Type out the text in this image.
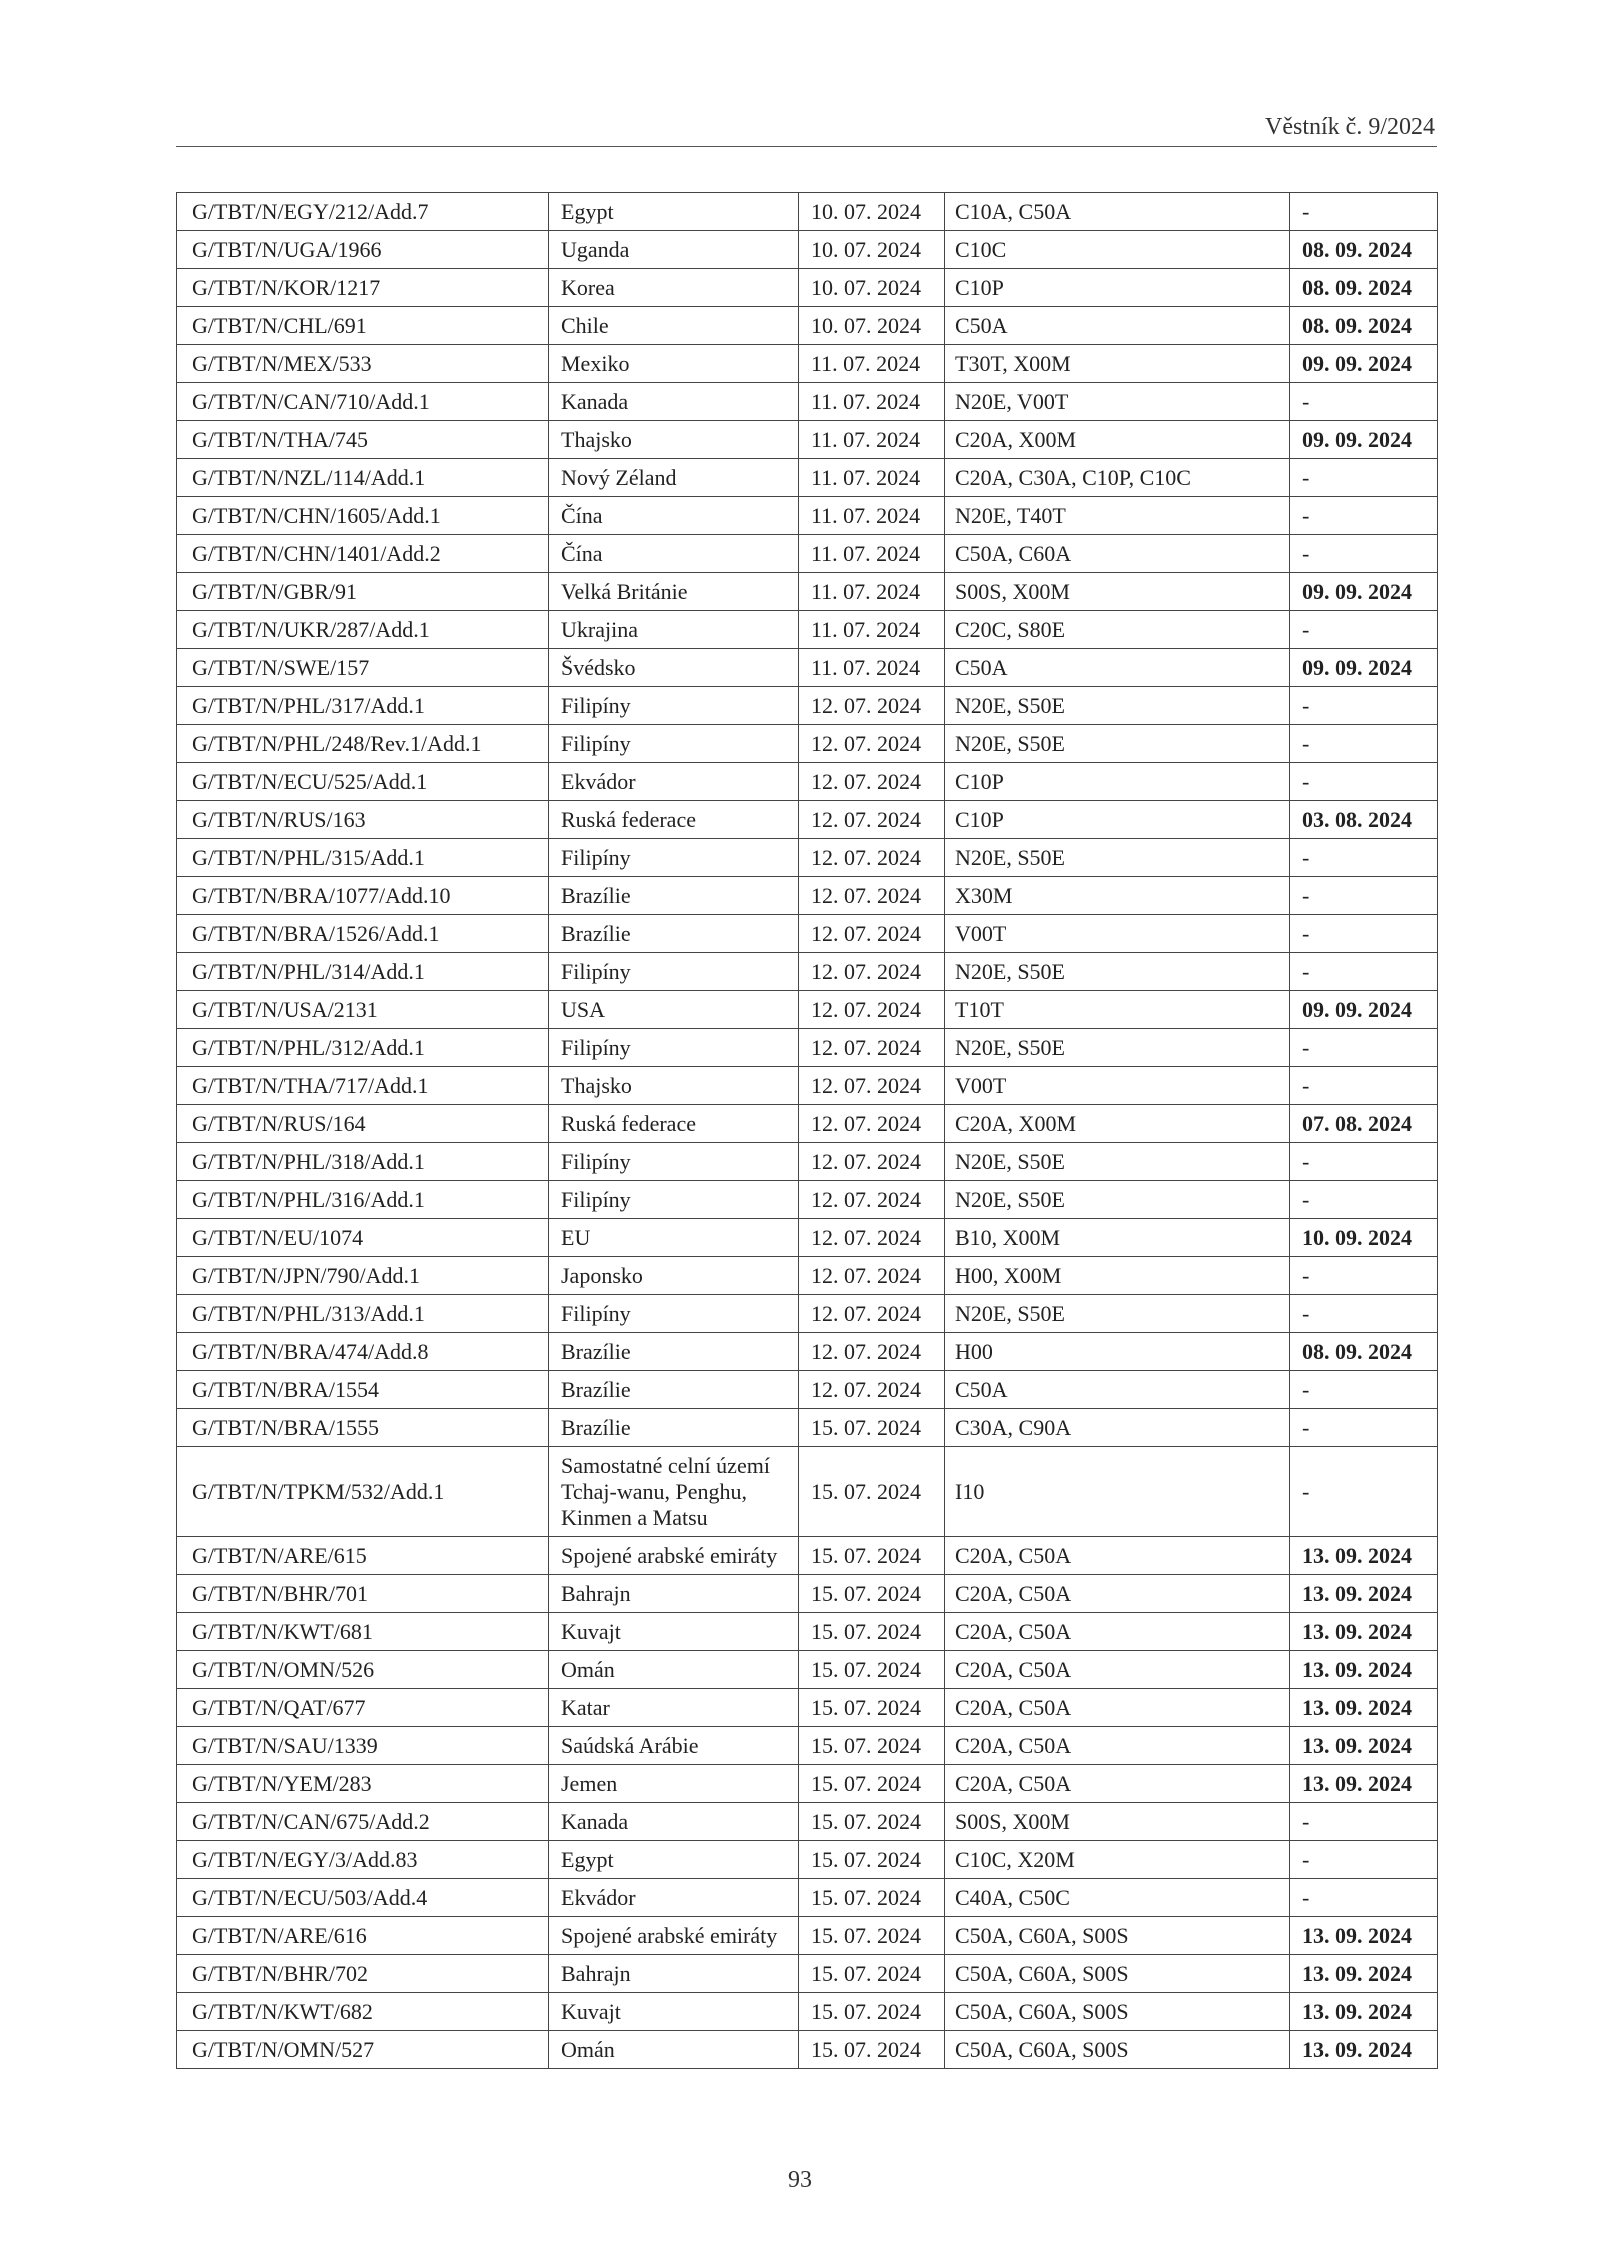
Věstník č. 9/2024
G/TBT/N/EGY/212/Add.7	Egypt	10. 07. 2024	C10A, C50A	-
G/TBT/N/UGA/1966	Uganda	10. 07. 2024	C10C	08. 09. 2024
G/TBT/N/KOR/1217	Korea	10. 07. 2024	C10P	08. 09. 2024
G/TBT/N/CHL/691	Chile	10. 07. 2024	C50A	08. 09. 2024
G/TBT/N/MEX/533	Mexiko	11. 07. 2024	T30T, X00M	09. 09. 2024
G/TBT/N/CAN/710/Add.1	Kanada	11. 07. 2024	N20E, V00T	-
G/TBT/N/THA/745	Thajsko	11. 07. 2024	C20A, X00M	09. 09. 2024
G/TBT/N/NZL/114/Add.1	Nový Zéland	11. 07. 2024	C20A, C30A, C10P, C10C	-
G/TBT/N/CHN/1605/Add.1	Čína	11. 07. 2024	N20E, T40T	-
G/TBT/N/CHN/1401/Add.2	Čína	11. 07. 2024	C50A, C60A	-
G/TBT/N/GBR/91	Velká Británie	11. 07. 2024	S00S, X00M	09. 09. 2024
G/TBT/N/UKR/287/Add.1	Ukrajina	11. 07. 2024	C20C, S80E	-
G/TBT/N/SWE/157	Švédsko	11. 07. 2024	C50A	09. 09. 2024
G/TBT/N/PHL/317/Add.1	Filipíny	12. 07. 2024	N20E, S50E	-
G/TBT/N/PHL/248/Rev.1/Add.1	Filipíny	12. 07. 2024	N20E, S50E	-
G/TBT/N/ECU/525/Add.1	Ekvádor	12. 07. 2024	C10P	-
G/TBT/N/RUS/163	Ruská federace	12. 07. 2024	C10P	03. 08. 2024
G/TBT/N/PHL/315/Add.1	Filipíny	12. 07. 2024	N20E, S50E	-
G/TBT/N/BRA/1077/Add.10	Brazílie	12. 07. 2024	X30M	-
G/TBT/N/BRA/1526/Add.1	Brazílie	12. 07. 2024	V00T	-
G/TBT/N/PHL/314/Add.1	Filipíny	12. 07. 2024	N20E, S50E	-
G/TBT/N/USA/2131	USA	12. 07. 2024	T10T	09. 09. 2024
G/TBT/N/PHL/312/Add.1	Filipíny	12. 07. 2024	N20E, S50E	-
G/TBT/N/THA/717/Add.1	Thajsko	12. 07. 2024	V00T	-
G/TBT/N/RUS/164	Ruská federace	12. 07. 2024	C20A, X00M	07. 08. 2024
G/TBT/N/PHL/318/Add.1	Filipíny	12. 07. 2024	N20E, S50E	-
G/TBT/N/PHL/316/Add.1	Filipíny	12. 07. 2024	N20E, S50E	-
G/TBT/N/EU/1074	EU	12. 07. 2024	B10, X00M	10. 09. 2024
G/TBT/N/JPN/790/Add.1	Japonsko	12. 07. 2024	H00, X00M	-
G/TBT/N/PHL/313/Add.1	Filipíny	12. 07. 2024	N20E, S50E	-
G/TBT/N/BRA/474/Add.8	Brazílie	12. 07. 2024	H00	08. 09. 2024
G/TBT/N/BRA/1554	Brazílie	12. 07. 2024	C50A	-
G/TBT/N/BRA/1555	Brazílie	15. 07. 2024	C30A, C90A	-
G/TBT/N/TPKM/532/Add.1	Samostatné celní území Tchaj-wanu, Penghu, Kinmen a Matsu	15. 07. 2024	I10	-
G/TBT/N/ARE/615	Spojené arabské emiráty	15. 07. 2024	C20A, C50A	13. 09. 2024
G/TBT/N/BHR/701	Bahrajn	15. 07. 2024	C20A, C50A	13. 09. 2024
G/TBT/N/KWT/681	Kuvajt	15. 07. 2024	C20A, C50A	13. 09. 2024
G/TBT/N/OMN/526	Omán	15. 07. 2024	C20A, C50A	13. 09. 2024
G/TBT/N/QAT/677	Katar	15. 07. 2024	C20A, C50A	13. 09. 2024
G/TBT/N/SAU/1339	Saúdská Arábie	15. 07. 2024	C20A, C50A	13. 09. 2024
G/TBT/N/YEM/283	Jemen	15. 07. 2024	C20A, C50A	13. 09. 2024
G/TBT/N/CAN/675/Add.2	Kanada	15. 07. 2024	S00S, X00M	-
G/TBT/N/EGY/3/Add.83	Egypt	15. 07. 2024	C10C, X20M	-
G/TBT/N/ECU/503/Add.4	Ekvádor	15. 07. 2024	C40A, C50C	-
G/TBT/N/ARE/616	Spojené arabské emiráty	15. 07. 2024	C50A, C60A, S00S	13. 09. 2024
G/TBT/N/BHR/702	Bahrajn	15. 07. 2024	C50A, C60A, S00S	13. 09. 2024
G/TBT/N/KWT/682	Kuvajt	15. 07. 2024	C50A, C60A, S00S	13. 09. 2024
G/TBT/N/OMN/527	Omán	15. 07. 2024	C50A, C60A, S00S	13. 09. 2024
93
